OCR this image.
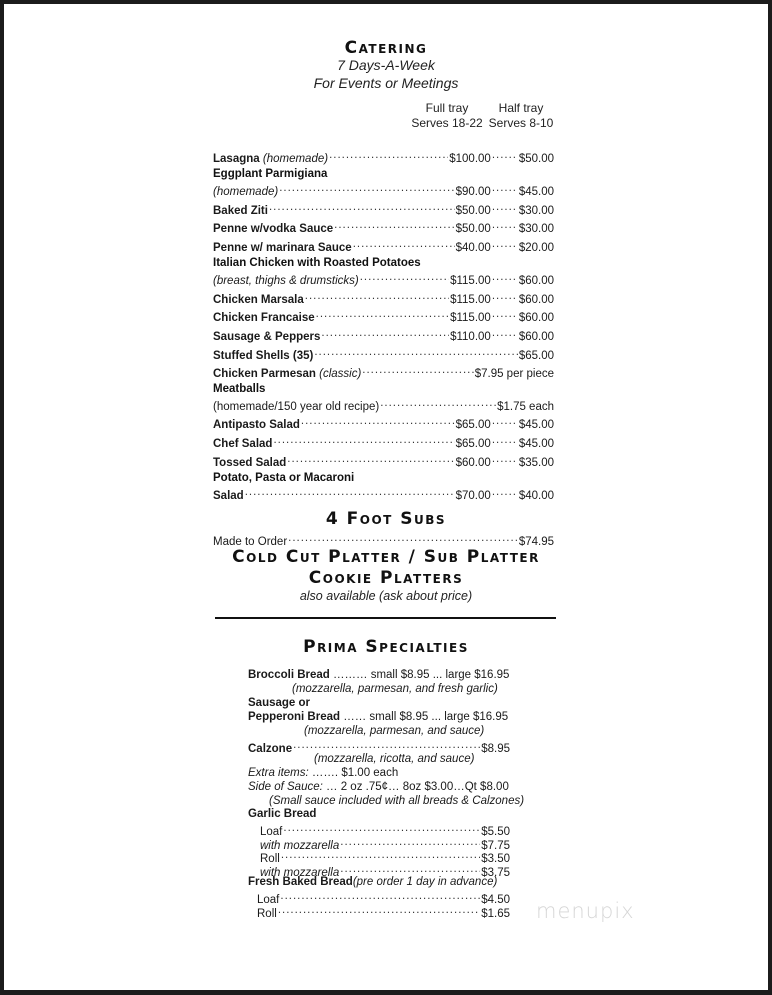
Catering
7 Days-A-Week
For Events or Meetings
Full tray
Serves 18-22
Half tray
Serves 8-10
Lasagna (homemade) .....	$100.00 ..... $50.00
Eggplant Parmigiana
(homemade) .....	$90.00 ..... $45.00
Baked Ziti .....	$50.00 ..... $30.00
Penne w/vodka Sauce .....	$50.00 ..... $30.00
Penne w/ marinara Sauce .....	$40.00 ..... $20.00
Italian Chicken with Roasted Potatoes
(breast, thighs & drumsticks) .....	$115.00 ..... $60.00
Chicken Marsala .....	$115.00 ..... $60.00
Chicken Francaise .....	$115.00 ..... $60.00
Sausage & Peppers .....	$110.00 ..... $60.00
Stuffed Shells (35) .....	$65.00
Chicken Parmesan (classic) .....	$7.95 per piece
Meatballs
(homemade/150 year old recipe) .....	$1.75 each
Antipasto Salad .....	$65.00 ..... $45.00
Chef Salad .....	$65.00 ..... $45.00
Tossed Salad .....	$60.00 ..... $35.00
Potato, Pasta or Macaroni
Salad .....	$70.00 ..... $40.00
4 Foot Subs
Made to Order .....	$74.95
Cold Cut Platter / Sub Platter
Cookie Platters
also available (ask about price)
Prima Specialties
Broccoli Bread ……… small $8.95 ... large $16.95
(mozzarella, parmesan, and fresh garlic)
Sausage or
Pepperoni Bread …… small $8.95 ... large $16.95
(mozzarella, parmesan, and sauce)
Calzone .....	$8.95
(mozzarella, ricotta, and sauce)
Extra items: ……. $1.00 each
Side of Sauce: … 2 oz .75¢… 8oz $3.00…Qt $8.00
(Small sauce included with all breads & Calzones)
Garlic Bread
Loaf .....	$5.50
with mozzarella .....	$7.75
Roll .....	$3.50
with mozzarella .....	$3.75
Fresh Baked Bread(pre order 1 day in advance)
Loaf .....	$4.50
Roll .....	$1.65 menupix
